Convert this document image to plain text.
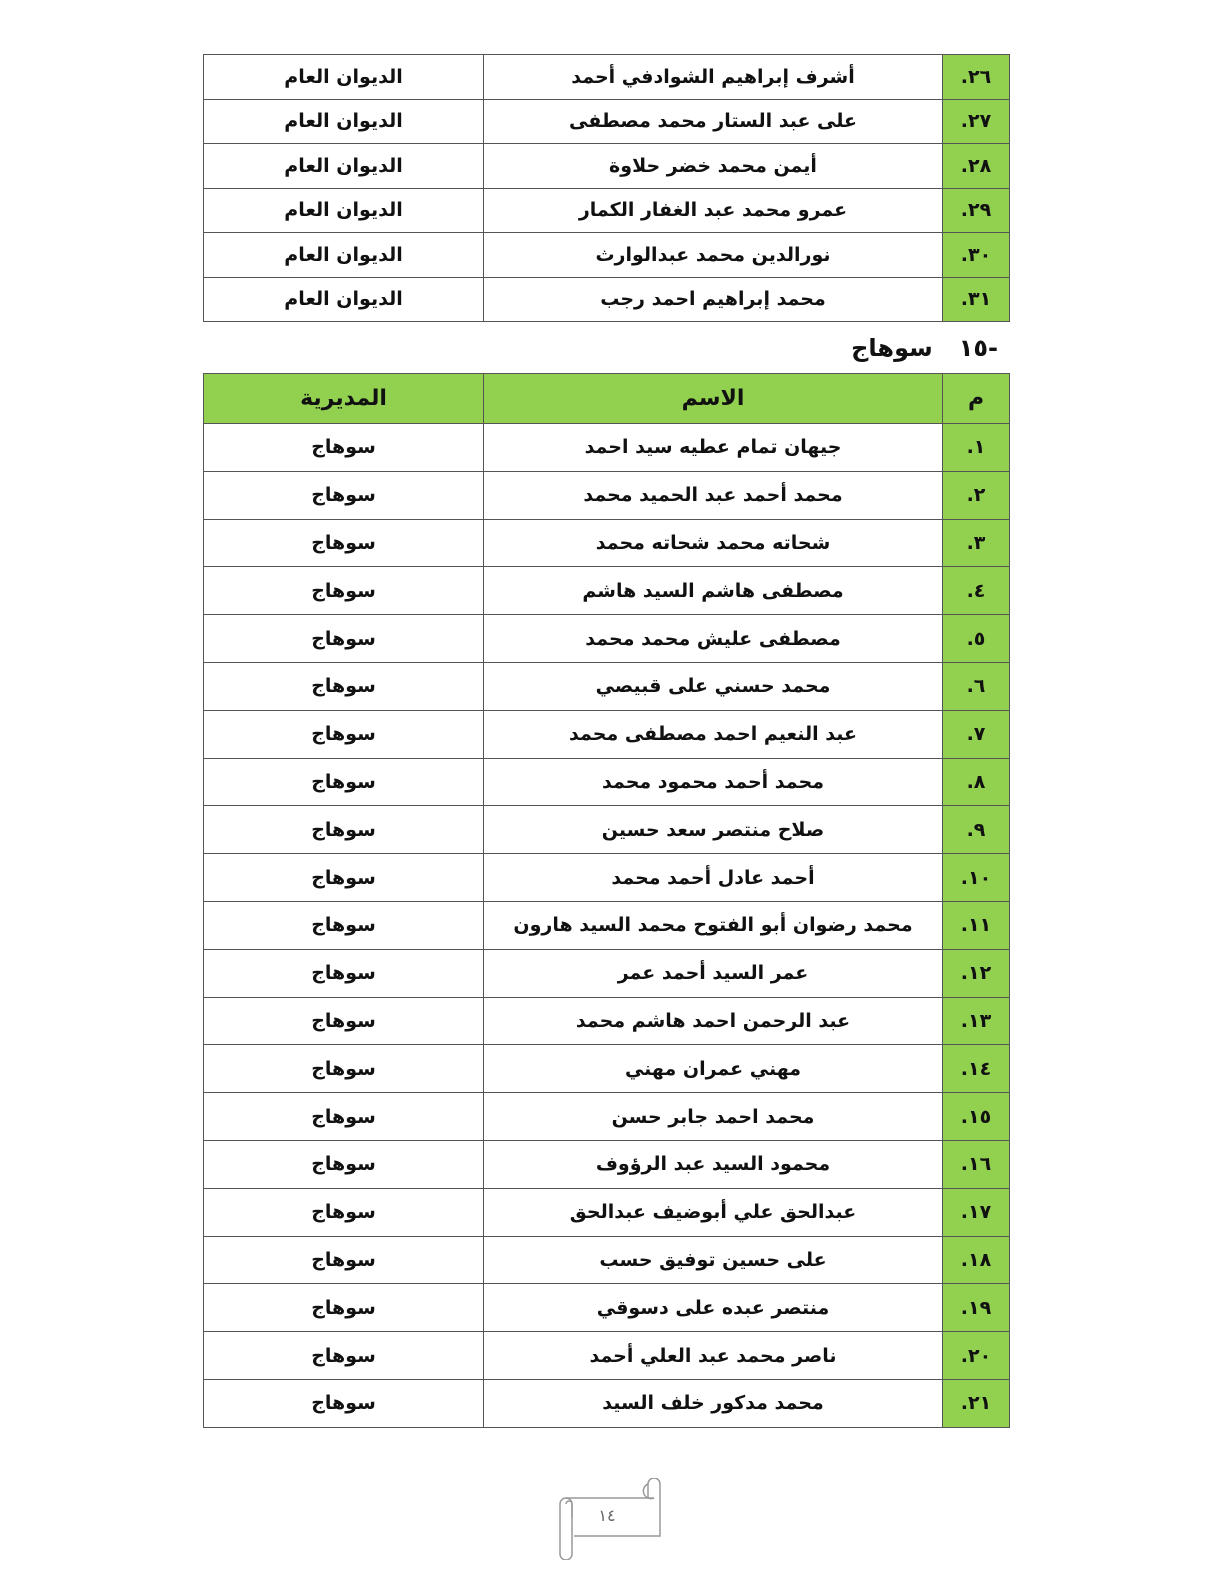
٢٦.	أشرف إبراهيم الشوادفي أحمد	الديوان العام
٢٧.	على عبد الستار محمد مصطفى	الديوان العام
٢٨.	أيمن محمد خضر حلاوة	الديوان العام
٢٩.	عمرو محمد عبد الغفار الكمار	الديوان العام
٣٠.	نورالدين محمد عبدالوارث	الديوان العام
٣١.	محمد إبراهيم احمد رجب	الديوان العام
-١٥سوهاج
م	الاسم	المديرية
١.	جيهان تمام عطيه سيد احمد	سوهاج
٢.	محمد أحمد عبد الحميد محمد	سوهاج
٣.	شحاته محمد شحاته محمد	سوهاج
٤.	مصطفى هاشم السيد هاشم	سوهاج
٥.	مصطفى عليش محمد محمد	سوهاج
٦.	محمد حسني على قبيصي	سوهاج
٧.	عبد النعيم احمد مصطفى محمد	سوهاج
٨.	محمد أحمد محمود محمد	سوهاج
٩.	صلاح منتصر سعد حسين	سوهاج
١٠.	أحمد عادل أحمد محمد	سوهاج
١١.	محمد رضوان أبو الفتوح محمد السيد هارون	سوهاج
١٢.	عمر السيد أحمد عمر	سوهاج
١٣.	عبد الرحمن احمد هاشم محمد	سوهاج
١٤.	مهني عمران مهني	سوهاج
١٥.	محمد احمد جابر حسن	سوهاج
١٦.	محمود السيد عبد الرؤوف	سوهاج
١٧.	عبدالحق علي أبوضيف عبدالحق	سوهاج
١٨.	على حسين توفيق حسب	سوهاج
١٩.	منتصر عبده على دسوقي	سوهاج
٢٠.	ناصر محمد عبد العلي أحمد	سوهاج
٢١.	محمد مدكور خلف السيد	سوهاج
١٤
